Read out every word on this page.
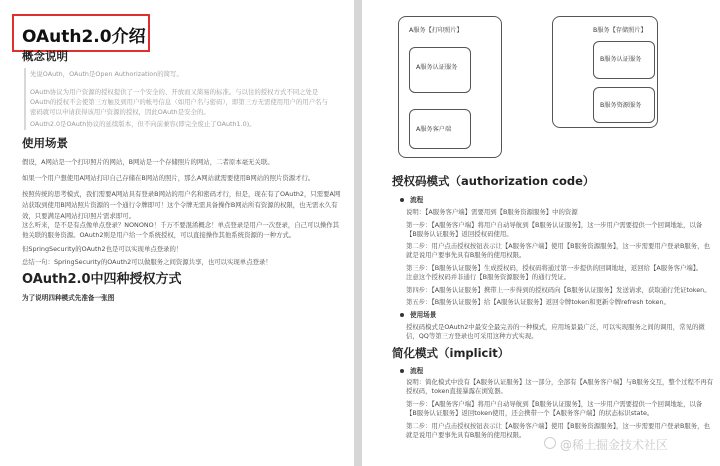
OAuth2.0介绍
概念说明
先说OAuth，OAuth是Open Authorization的简写。
OAuth协议为用户资源的授权提供了一个安全的、开放而又简易的标准。与以往的授权方式不同之处是
OAuth的授权不会使第三方触及到用户的帐号信息（如用户名与密码），即第三方无需使用用户的用户名与
密码就可以申请获得该用户资源的授权，因此OAuth是安全的。
OAuth2.0是OAuth协议的延续版本，但不向前兼容(即完全废止了OAuth1.0)。
使用场景
假设，A网站是一个打印照片的网站，B网站是一个存储照片的网站，二者原本毫无关联。
如果一个用户想使用A网站打印自己存储在B网站的照片，那么A网站就需要使用B网站的照片资源才行。
按照传统的思考模式，我们需要A网站具有登录B网站的用户名和密码才行，但是，现在有了OAuth2，只需要A网
站获取到使用B网站照片资源的一个通行令牌即可！这个令牌无需具备操作B网站所有资源的权限，也无需永久有
效，只要满足A网站打印照片需求即可。
这么听来，是不是有点像单点登录？NONONO！千万不要混淆概念！单点登录是用户一次登录，自己可以操作其
他关联的服务资源。OAuth2则是用户给一个系统授权，可以直接操作其他系统资源的一种方式。
但SpringSecurity的OAuth2也是可以实现单点登录的！
总结一句：SpringSecurity的OAuth2可以做服务之间资源共享，也可以实现单点登录！
OAuth2.0中四种授权方式
为了说明四种模式先准备一张图
A服务【打印照片】
A服务认证服务
A服务客户端
B服务【存储照片】
B服务认证服务
B服务资源服务
授权码模式（authorization code）
流程
说明：【A服务客户端】需要用到【B服务资源服务】中的资源
第一步：【A服务客户端】将用户自动导航到【B服务认证服务】，这一步用户需要提供一个回调地址，以备
【B服务认证服务】返回授权码使用。
第二步：用户点击授权按钮表示让【A服务客户端】使用【B服务资源服务】，这一步需要用户登录B服务，也
就是说用户要事先具有B服务的使用权限。
第三步：【B服务认证服务】生成授权码，授权码将通过第一步提供的回调地址，返回给【A服务客户端】。
注意这个授权码并非通行【B服务资源服务】的通行凭证。
第四步：【A服务认证服务】携带上一步得到的授权码向【B服务认证服务】发送请求，获取通行凭证token。
第五步：【B服务认证服务】给【A服务认证服务】返回令牌token和更新令牌refresh token。
使用场景
授权码模式是OAuth2中最安全最完善的一种模式，应用场景最广泛，可以实现服务之间的调用，常见的微
信，QQ等第三方登录也可采用这种方式实现。
简化模式（implicit）
流程
说明：简化模式中没有【A服务认证服务】这一部分，全部有【A服务客户端】与B服务交互，整个过程不再有
授权码，token直接暴露在浏览器。
第一步：【A服务客户端】将用户自动导航到【B服务认证服务】，这一步用户需要提供一个回调地址，以备
【B服务认证服务】返回token使用，还会携带一个【A服务客户端】的状态标识state。
第二步：用户点击授权按钮表示让【A服务客户端】使用【B服务资源服务】，这一步需要用户登录B服务，也
就是说用户要事先具有B服务的使用权限。
@稀土掘金技术社区
